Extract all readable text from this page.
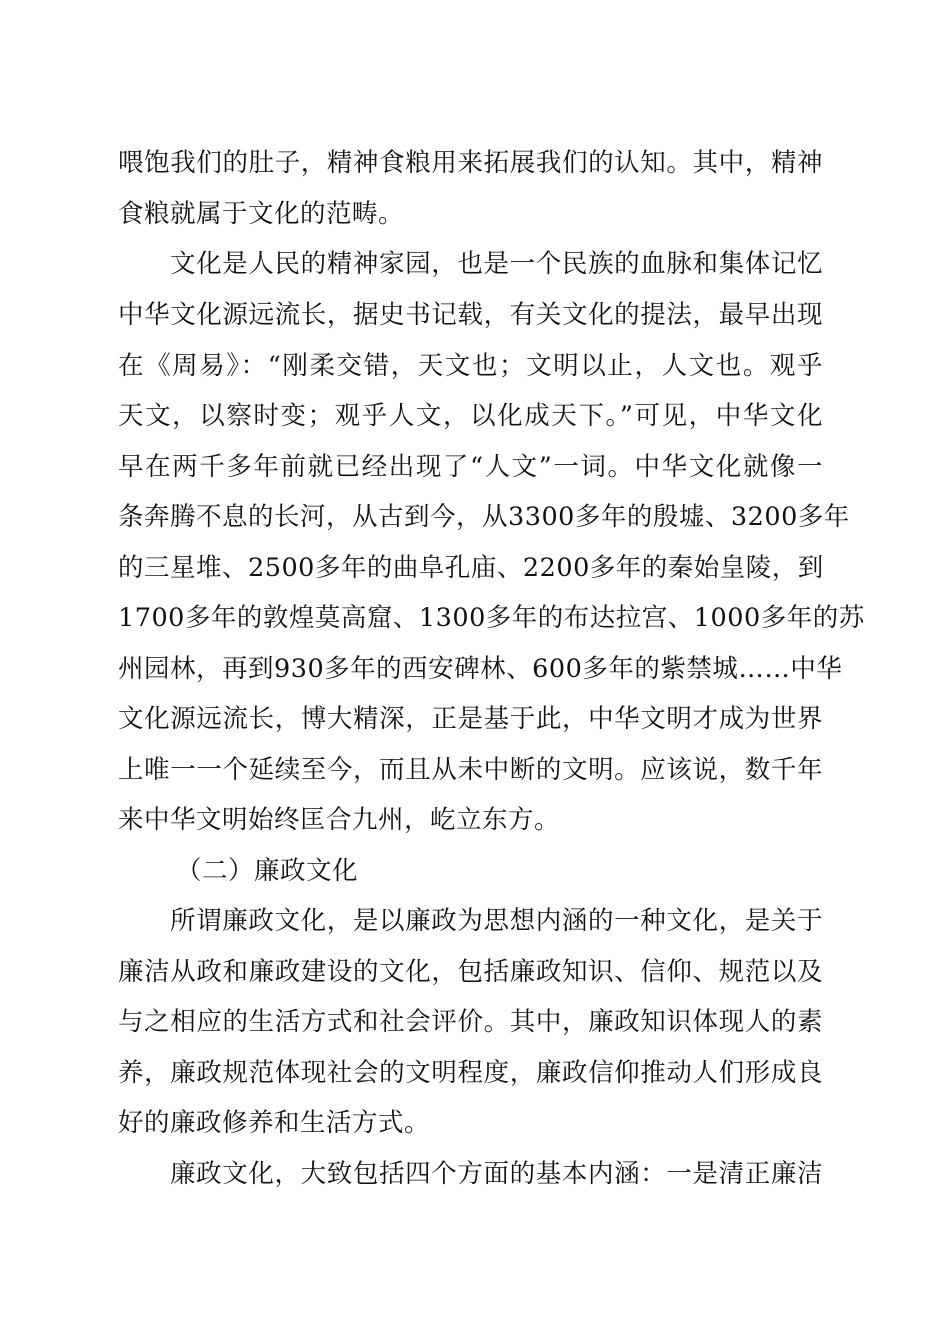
喂饱我们的肚子，精神食粮用来拓展我们的认知。其中，精神
食粮就属于文化的范畴。
文化是人民的精神家园，也是一个民族的血脉和集体记忆
中华文化源远流长，据史书记载，有关文化的提法，最早出现
在《周易》：“刚柔交错，天文也；文明以止，人文也。观乎
天文，以察时变；观乎人文，以化成天下。”可见，中华文化
早在两千多年前就已经出现了“人文”一词。中华文化就像一
条奔腾不息的长河，从古到今，从3300多年的殷墟、3200多年
的三星堆、2500多年的曲阜孔庙、2200多年的秦始皇陵，到
1700多年的敦煌莫高窟、1300多年的布达拉宫、1000多年的苏
州园林，再到930多年的西安碑林、600多年的紫禁城……中华
文化源远流长，博大精深，正是基于此，中华文明才成为世界
上唯一一个延续至今，而且从未中断的文明。应该说，数千年
来中华文明始终匡合九州，屹立东方。
（二）廉政文化
所谓廉政文化，是以廉政为思想内涵的一种文化，是关于
廉洁从政和廉政建设的文化，包括廉政知识、信仰、规范以及
与之相应的生活方式和社会评价。其中，廉政知识体现人的素
养，廉政规范体现社会的文明程度，廉政信仰推动人们形成良
好的廉政修养和生活方式。
廉政文化，大致包括四个方面的基本内涵：一是清正廉洁
